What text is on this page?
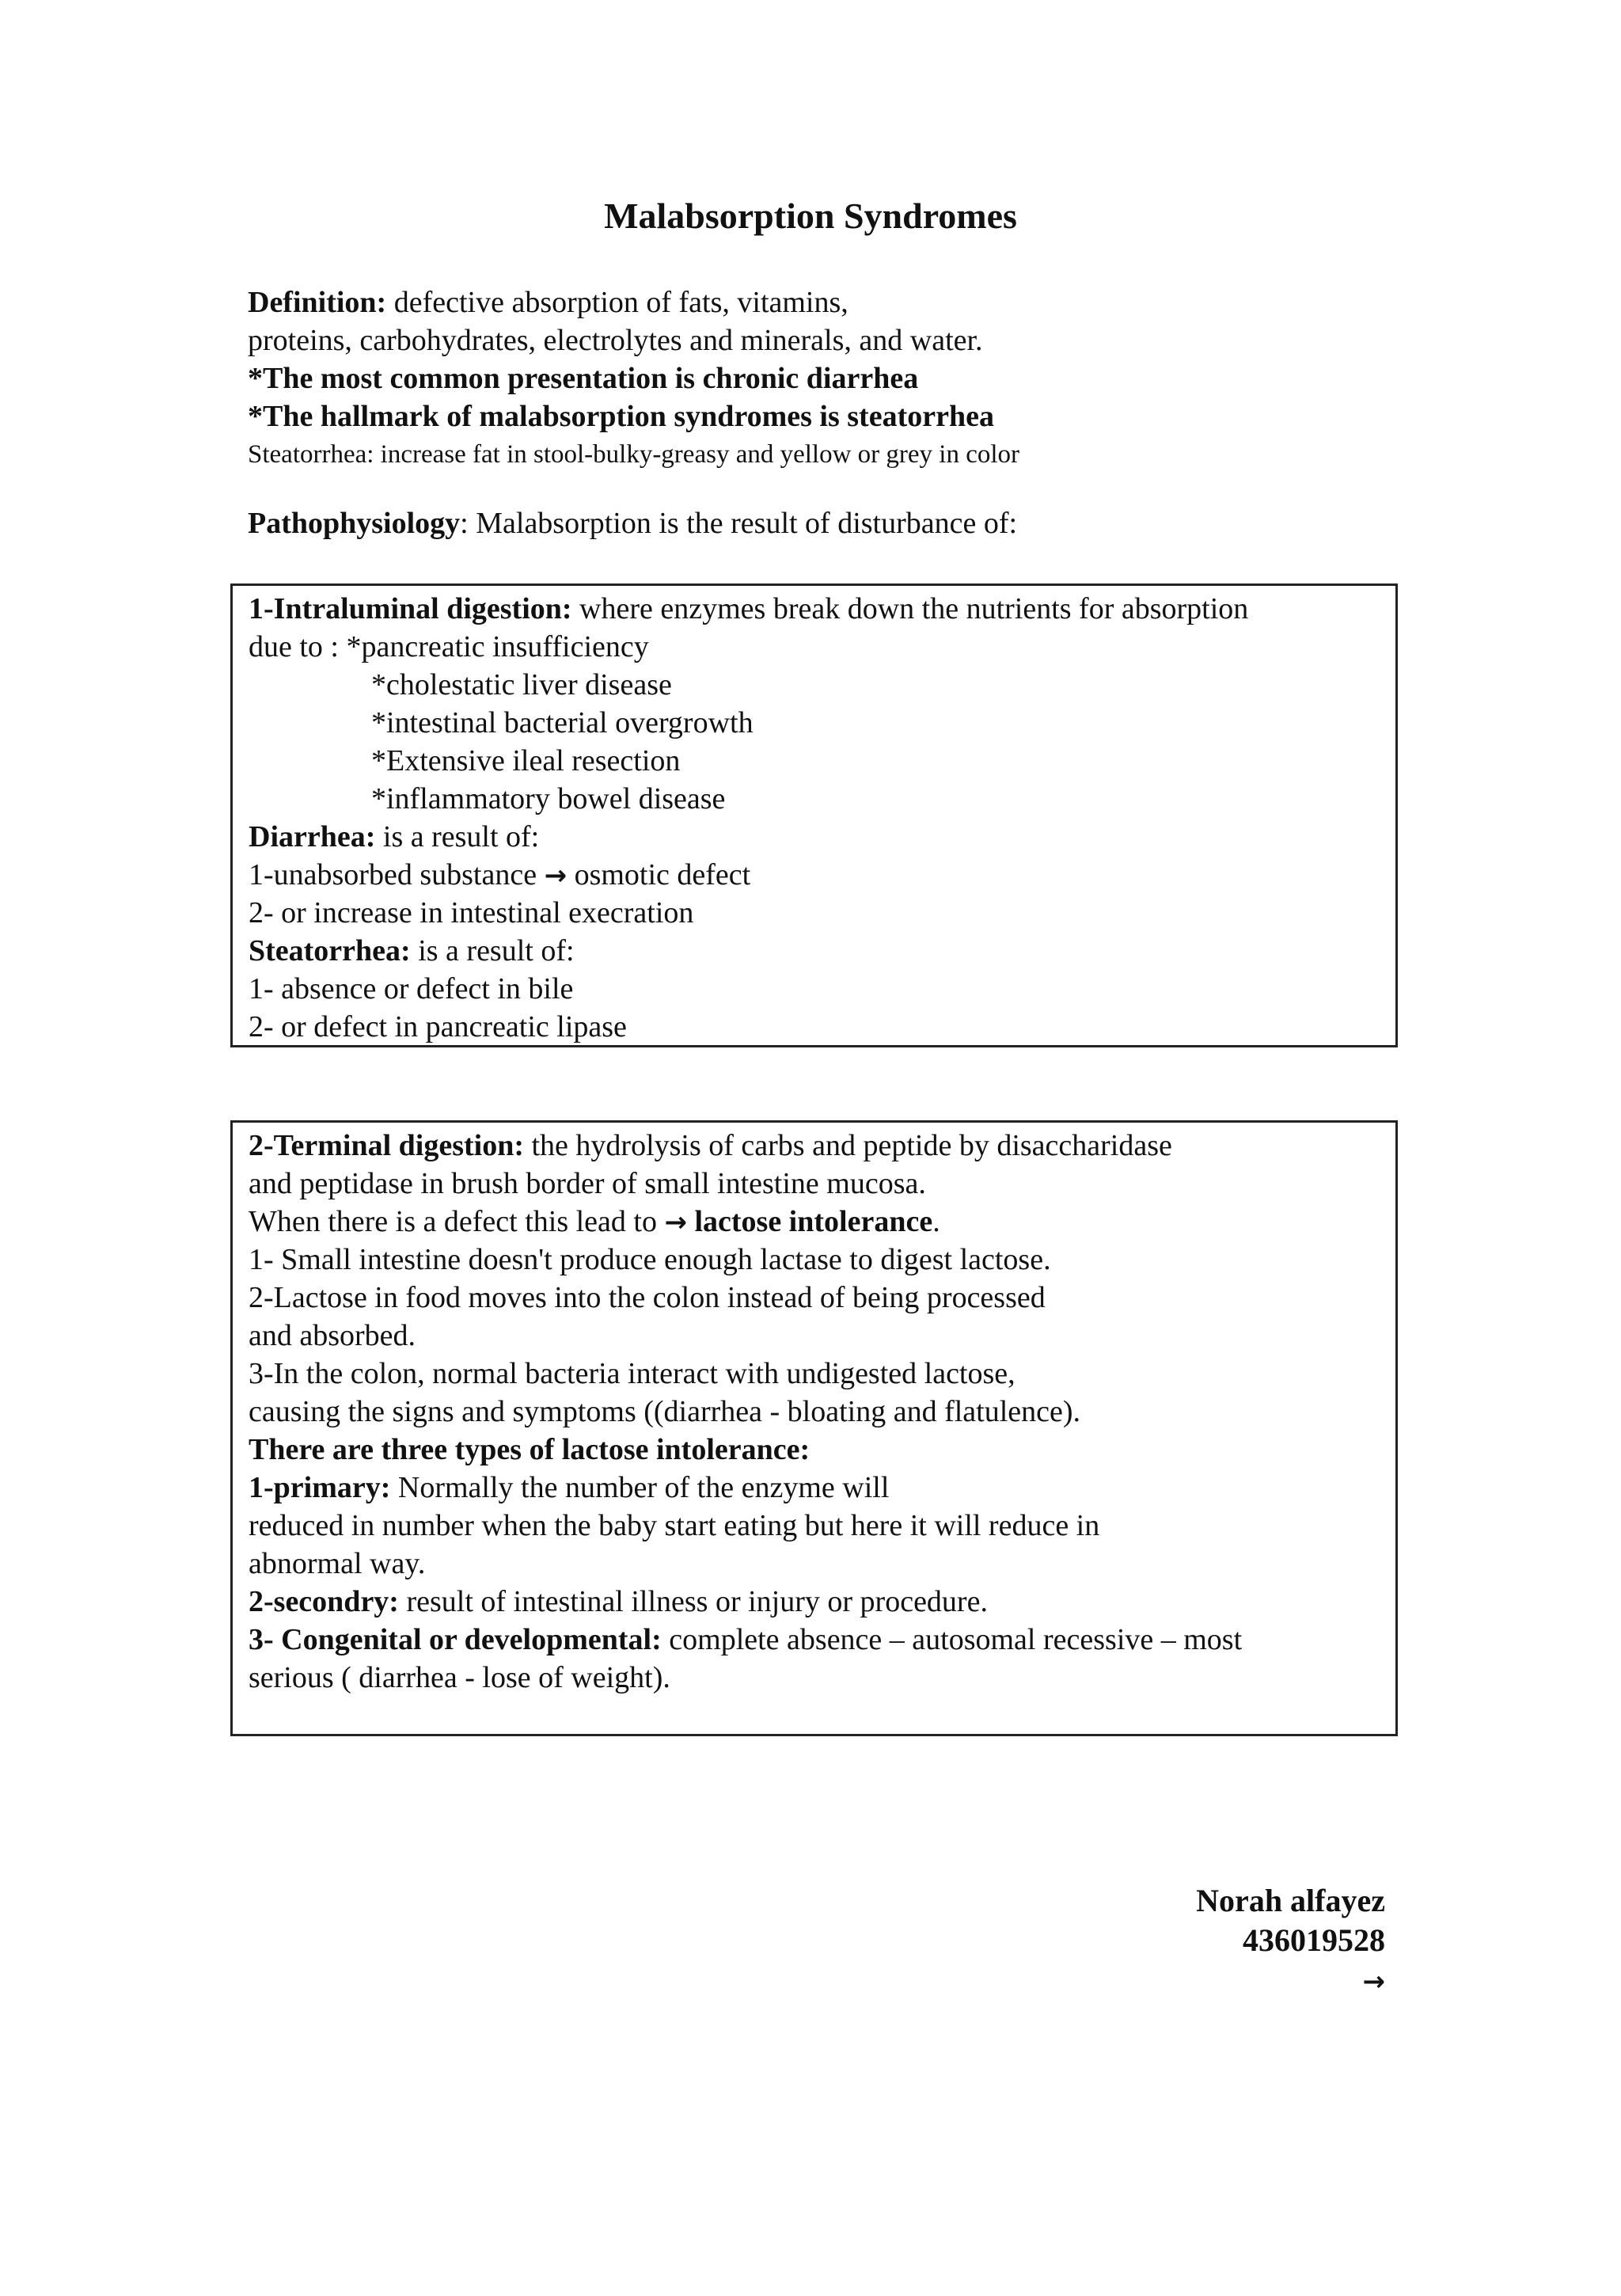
Malabsorption Syndromes
Definition: defective absorption of fats, vitamins,
proteins, carbohydrates, electrolytes and minerals, and water.
*The most common presentation is chronic diarrhea
*The hallmark of malabsorption syndromes is steatorrhea
Steatorrhea: increase fat in stool-bulky-greasy and yellow or grey in color
Pathophysiology: Malabsorption is the result of disturbance of:
1-Intraluminal digestion: where enzymes break down the nutrients for absorption
due to : *pancreatic insufficiency
*cholestatic liver disease
*intestinal bacterial overgrowth
*Extensive ileal resection
*inflammatory bowel disease
Diarrhea: is a result of:
1-unabsorbed substance → osmotic defect
2- or increase in intestinal execration
Steatorrhea: is a result of:
1- absence or defect in bile
2- or defect in pancreatic lipase
2-Terminal digestion: the hydrolysis of carbs and peptide by disaccharidase
and peptidase in brush border of small intestine mucosa.
When there is a defect this lead to → lactose intolerance.
1- Small intestine doesn't produce enough lactase to digest lactose.
2-Lactose in food moves into the colon instead of being processed
and absorbed.
3-In the colon, normal bacteria interact with undigested lactose,
causing the signs and symptoms ((diarrhea - bloating and flatulence).
There are three types of lactose intolerance:
1-primary: Normally the number of the enzyme will
reduced in number when the baby start eating but here it will reduce in
abnormal way.
2-secondry: result of intestinal illness or injury or procedure.
3- Congenital or developmental: complete absence – autosomal recessive – most
serious ( diarrhea - lose of weight).
Norah alfayez
436019528
→
